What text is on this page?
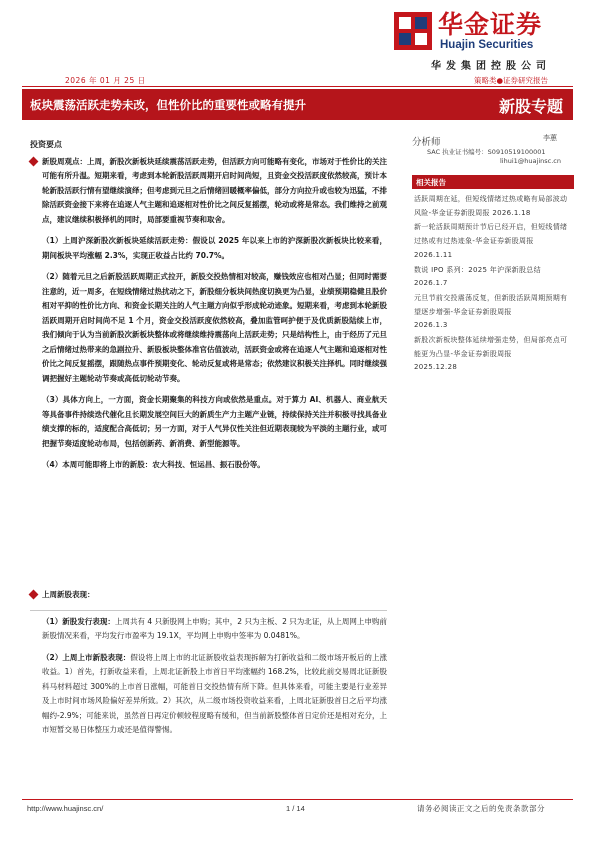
华金证券
Huajin Securities
华发集团控股公司
2026 年 01 月 25 日	策略类●证券研究报告
板块震荡活跃走势未改，但性价比的重要性或略有提升	新股专题
投资要点
新股周观点：上周，新股次新板块延续震荡活跃走势，但活跃方向可能略有变化，市场对于性价比的关注可能有所升温。短期来看，考虑到本轮新股活跃周期开启时间尚短，且资金交投活跃度依然较高，预计本轮新股活跃行情有望继续演绎；但考虑到元旦之后情绪回暖概率偏低，部分方向拉升或也较为迅猛，不排除活跃资金接下来将在追逐人气主题和追逐相对性价比之间反复摇摆，轮动或将是常态。我们维持之前观点，建议继续积极择机的同时，局部要重视节奏和取舍。
（1）上周沪深新股次新板块延续活跃走势：假设以 2025 年以来上市的沪深新股次新板块比较来看，期间板块平均涨幅 2.3%，实现正收益占比约 70.7%。
（2）随着元旦之后新股活跃周期正式拉开，新股交投热情相对较高，赚钱效应也相对凸显；但同时需要注意的，近一周多，在短线情绪过热扰动之下，新股细分板块间热度切换更为凸显，业绩预期稳健且股价相对平抑的性价比方向、和资金长期关注的人气主题方向似乎形成轮动迹象。短期来看，考虑到本轮新股活跃周期开启时间尚不足 1 个月，资金交投活跃度依然较高，叠加监管呵护便于及优质新股陆续上市，我们倾向于认为当前新股次新板块整体或将继续维持震荡向上活跃走势；只是结构性上，由于经历了元旦之后情绪过热带来的急剧拉升、新股板块整体准官估值波动，活跃资金或将在追逐人气主题和追逐相对性价比之间反复摇摆，跟随热点事件预期变化、轮动反复或将是常态；依然建议积极关注择机。同时继续强调把握好主题轮动节奏或高低切轮动节奏。
（3）具体方向上，一方面，资金长期聚集的科技方向或依然是重点。对于算力 AI、机器人、商业航天等具备事件持续迭代催化且长期发展空间巨大的新质生产力主题产业链，持续保持关注并积极寻找具备业绩支撑的标的，适度配合高低切；另一方面，对于人气异仅性关注但近期表现较为平淡的主题行业，或可把握节奏适度轮动布局，包括创新药、新消费、新型能源等。
（4）本周可能即将上市的新股：农大科技、恒运昌、振石股份等。
上周新股表现：
（1）新股发行表现：上周共有 4 只新股网上申购；其中，2 只为主板、2 只为北证，从上周网上申购前新股情况来看，平均发行市盈率为 19.1X，平均网上申购中签率为 0.0481%。
（2）上周上市新股表现：假设将上周上市的北证新股收益表现拆解为打新收益和二级市场开板后的上涨收益。1）首先，打新收益来看，上周北证新股上市首日平均涨幅约 168.2%，比较此前交易周北证新股科马材料超过 300%的上市首日涨幅，可能首日交投热情有所下降。但具体来看，可能主要是行业差异及上市时间市场风险偏好差异所致。2）其次，从二级市场投资收益来看，上周北证新股首日之后平均涨幅约-2.9%；可能来说，虽然首日再定价顿较程度略有缓和，但当前新股整体首日定价还是相对充分，上市短暂交易日体整压力或还是值得警惕。
分析师	李蕙
SAC 执业证书编号：S0910519100001
lihui1@huajinsc.cn
相关报告
活跃周期在延，但短线情绪过热或略有局部波动风险-华金证券新股周报 2026.1.18
新一轮活跃周期预计节后已经开启，但短线情绪过热或有过热迹象-华金证券新股周报
2026.1.11
数说 IPO 系列：2025 年沪深新股总结
2026.1.7
元旦节前交投震荡反复，但新股活跃周期预期有望逐步增强-华金证券新股周报
2026.1.3
新股次新板块整体延续增强走势，但局部亮点可能更为凸显-华金证券新股周报
2025.12.28
http://www.huajinsc.cn/	1 / 14	请务必阅读正文之后的免责条款部分
